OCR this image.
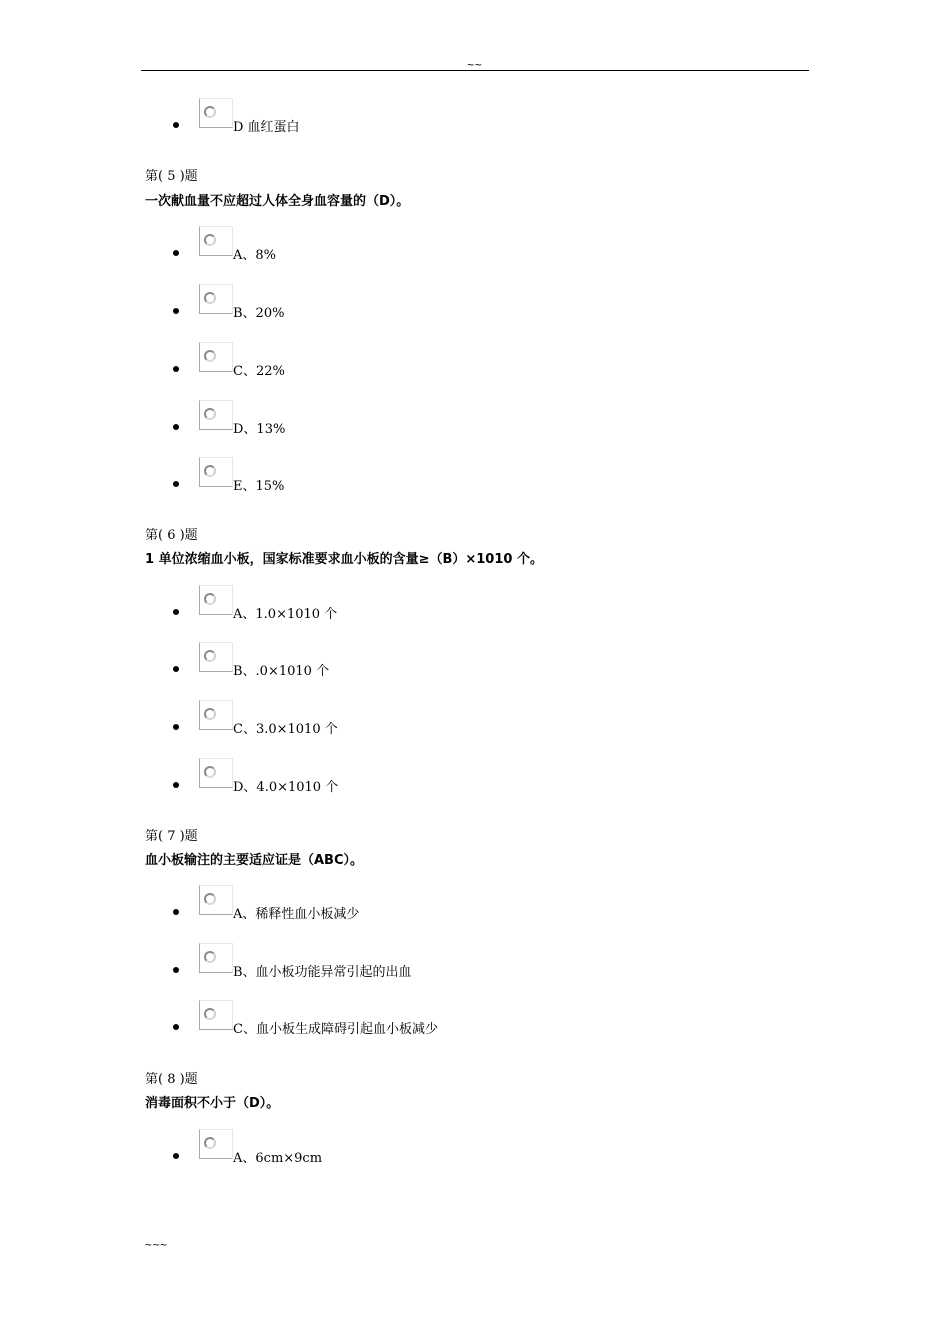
~~
D 血红蛋白
第( 5 )题
一次献血量不应超过人体全身血容量的（D）。
A、8%
B、20%
C、22%
D、13%
E、15%
第( 6 )题
1 单位浓缩血小板，国家标准要求血小板的含量≥（B）×1010 个。
A、1.0×1010 个
B、.0×1010 个
C、3.0×1010 个
D、4.0×1010 个
第( 7 )题
血小板输注的主要适应证是（ABC）。
A、稀释性血小板减少
B、血小板功能异常引起的出血
C、血小板生成障碍引起血小板减少
第( 8 )题
消毒面积不小于（D）。
A、6cm×9cm
~~~
